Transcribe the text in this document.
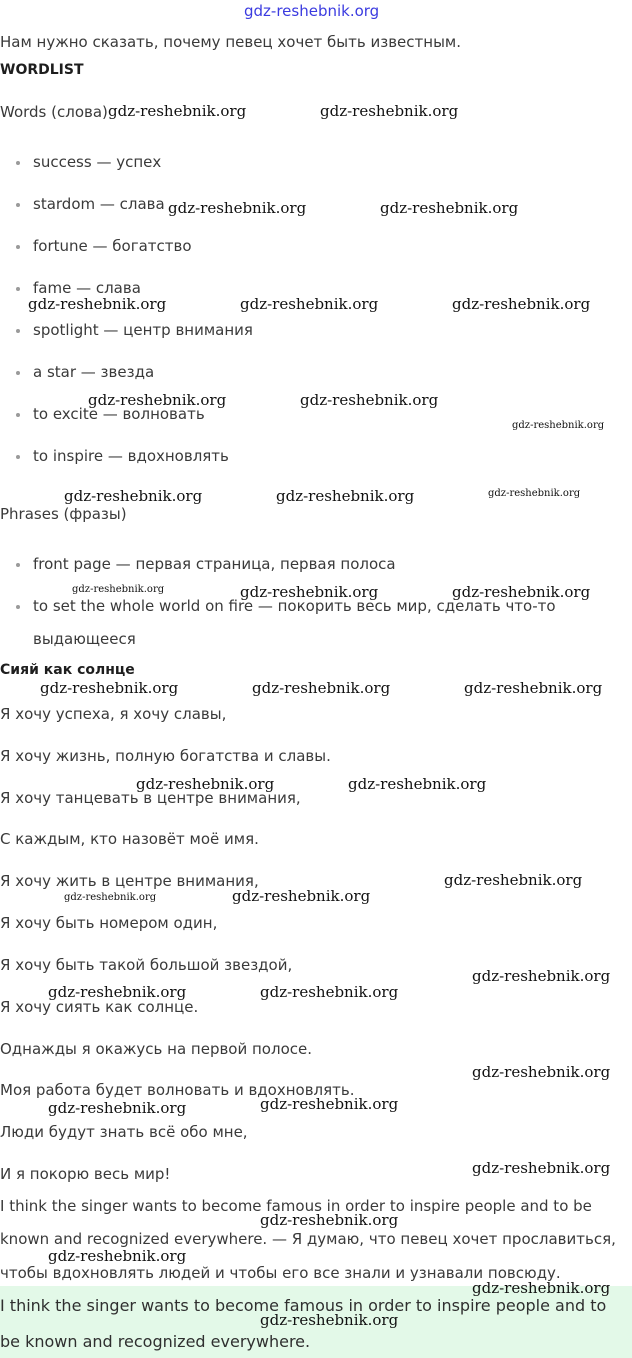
gdz-reshebnik.org

Нам нужно сказать, почему певец хочет быть известным.

WORDLIST

Words (слова)

success — успех
stardom — слава
fortune — богатство
fame — слава
spotlight — центр внимания
a star — звезда
to excite — волновать
to inspire — вдохновлять

Phrases (фразы)

front page — первая страница, первая полоса
to set the whole world on fire — покорить весь мир, сделать что-то
выдающееся

Сияй как солнце

Я хочу успеха, я хочу славы,

Я хочу жизнь, полную богатства и славы.

Я хочу танцевать в центре внимания,

С каждым, кто назовёт моё имя.

Я хочу жить в центре внимания,

Я хочу быть номером один,

Я хочу быть такой большой звездой,

Я хочу сиять как солнце.

Однажды я окажусь на первой полосе.

Моя работа будет волновать и вдохновлять.

Люди будут знать всё обо мне,

И я покорю весь мир!

I think the singer wants to become famous in order to inspire people and to be

known and recognized everywhere. — Я думаю, что певец хочет прославиться,

чтобы вдохновлять людей и чтобы его все знали и узнавали повсюду.

I think the singer wants to become famous in order to inspire people and to

be known and recognized everywhere.

gdz-reshebnik.org	gdz-reshebnik.org
gdz-reshebnik.org	gdz-reshebnik.org
gdz-reshebnik.org	gdz-reshebnik.org	gdz-reshebnik.org
gdz-reshebnik.org	gdz-reshebnik.org
gdz-reshebnik.org
gdz-reshebnik.org	gdz-reshebnik.org	gdz-reshebnik.org
gdz-reshebnik.org	gdz-reshebnik.org	gdz-reshebnik.org
gdz-reshebnik.org	gdz-reshebnik.org	gdz-reshebnik.org
gdz-reshebnik.org	gdz-reshebnik.org
gdz-reshebnik.org
gdz-reshebnik.org	gdz-reshebnik.org
gdz-reshebnik.org
gdz-reshebnik.org	gdz-reshebnik.org
gdz-reshebnik.org
gdz-reshebnik.org	gdz-reshebnik.org
gdz-reshebnik.org
gdz-reshebnik.org
gdz-reshebnik.org
gdz-reshebnik.org
gdz-reshebnik.org
